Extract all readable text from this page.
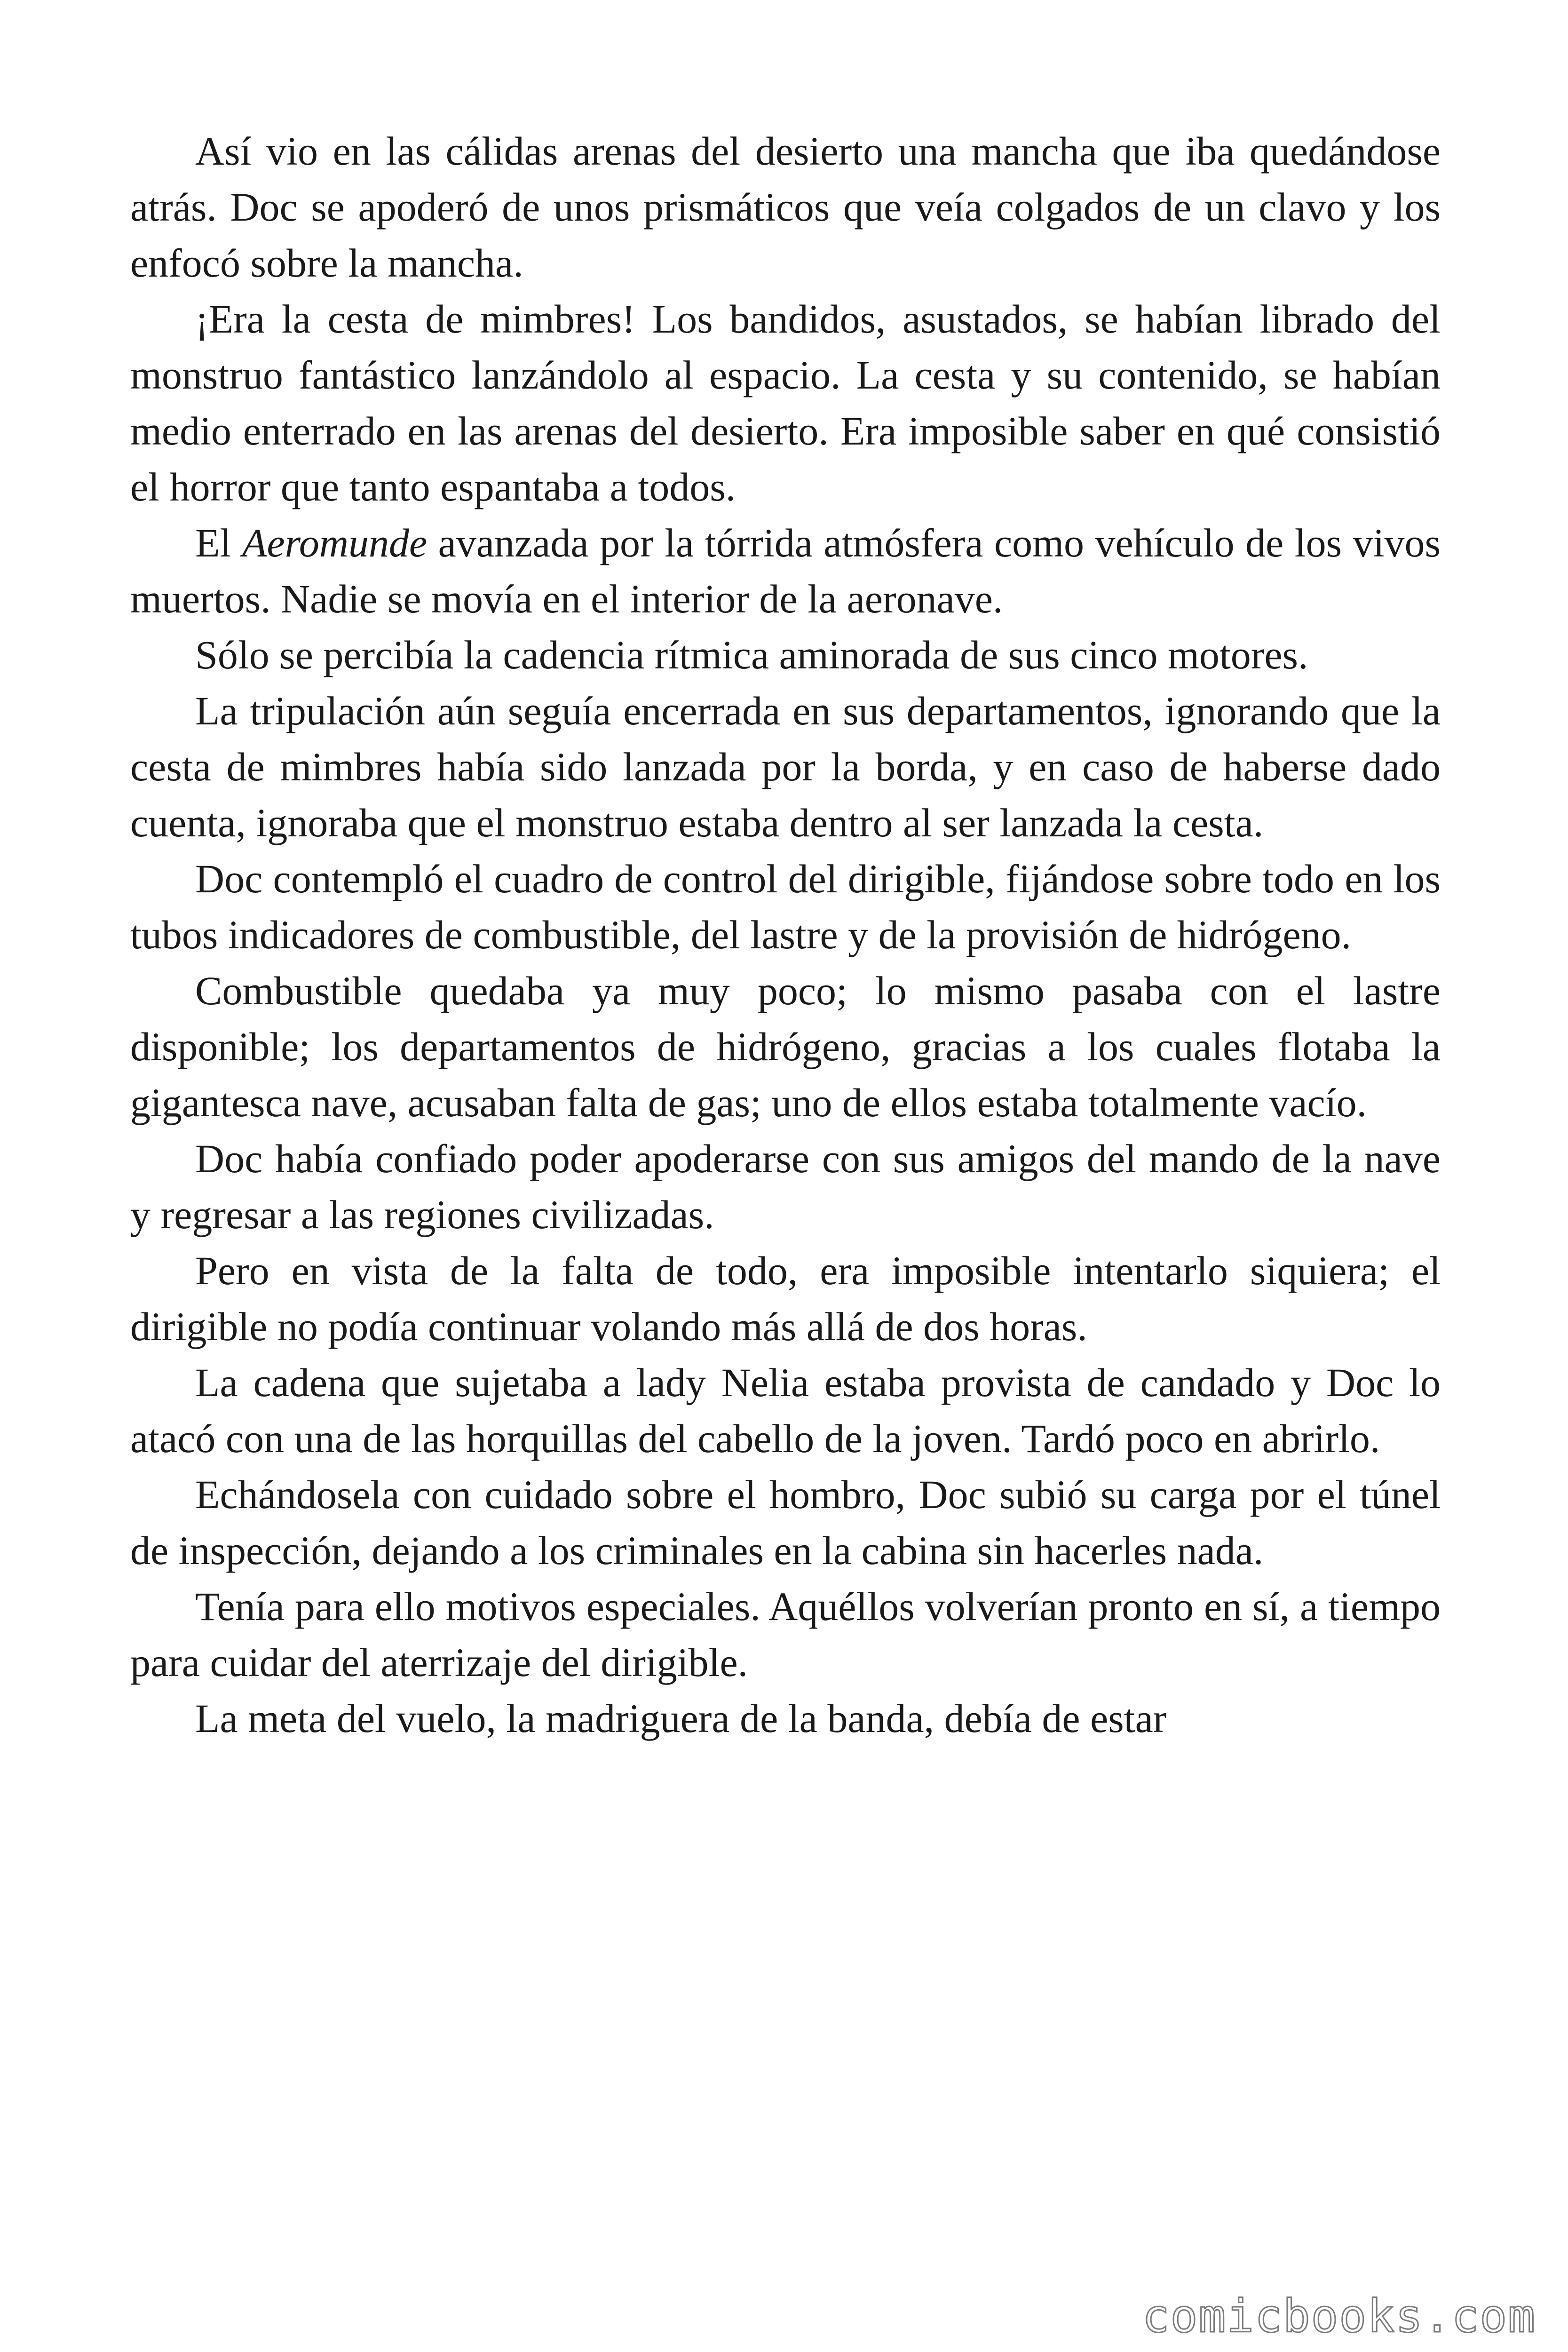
Así vio en las cálidas arenas del desierto una mancha que iba quedándose atrás. Doc se apoderó de unos prismáticos que veía colgados de un clavo y los enfocó sobre la mancha.

¡Era la cesta de mimbres! Los bandidos, asustados, se habían librado del monstruo fantástico lanzándolo al espacio. La cesta y su contenido, se habían medio enterrado en las arenas del desierto. Era imposible saber en qué consistió el horror que tanto espantaba a todos.

El Aeromunde avanzada por la tórrida atmósfera como vehículo de los vivos muertos. Nadie se movía en el interior de la aeronave.

Sólo se percibía la cadencia rítmica aminorada de sus cinco motores.

La tripulación aún seguía encerrada en sus departamentos, ignorando que la cesta de mimbres había sido lanzada por la borda, y en caso de haberse dado cuenta, ignoraba que el monstruo estaba dentro al ser lanzada la cesta.

Doc contempló el cuadro de control del dirigible, fijándose sobre todo en los tubos indicadores de combustible, del lastre y de la provisión de hidrógeno.

Combustible quedaba ya muy poco; lo mismo pasaba con el lastre disponible; los departamentos de hidrógeno, gracias a los cuales flotaba la gigantesca nave, acusaban falta de gas; uno de ellos estaba totalmente vacío.

Doc había confiado poder apoderarse con sus amigos del mando de la nave y regresar a las regiones civilizadas.

Pero en vista de la falta de todo, era imposible intentarlo siquiera; el dirigible no podía continuar volando más allá de dos horas.

La cadena que sujetaba a lady Nelia estaba provista de candado y Doc lo atacó con una de las horquillas del cabello de la joven. Tardó poco en abrirlo.

Echándosela con cuidado sobre el hombro, Doc subió su carga por el túnel de inspección, dejando a los criminales en la cabina sin hacerles nada.

Tenía para ello motivos especiales. Aquéllos volverían pronto en sí, a tiempo para cuidar del aterrizaje del dirigible.

La meta del vuelo, la madriguera de la banda, debía de estar

comicbooks.com
